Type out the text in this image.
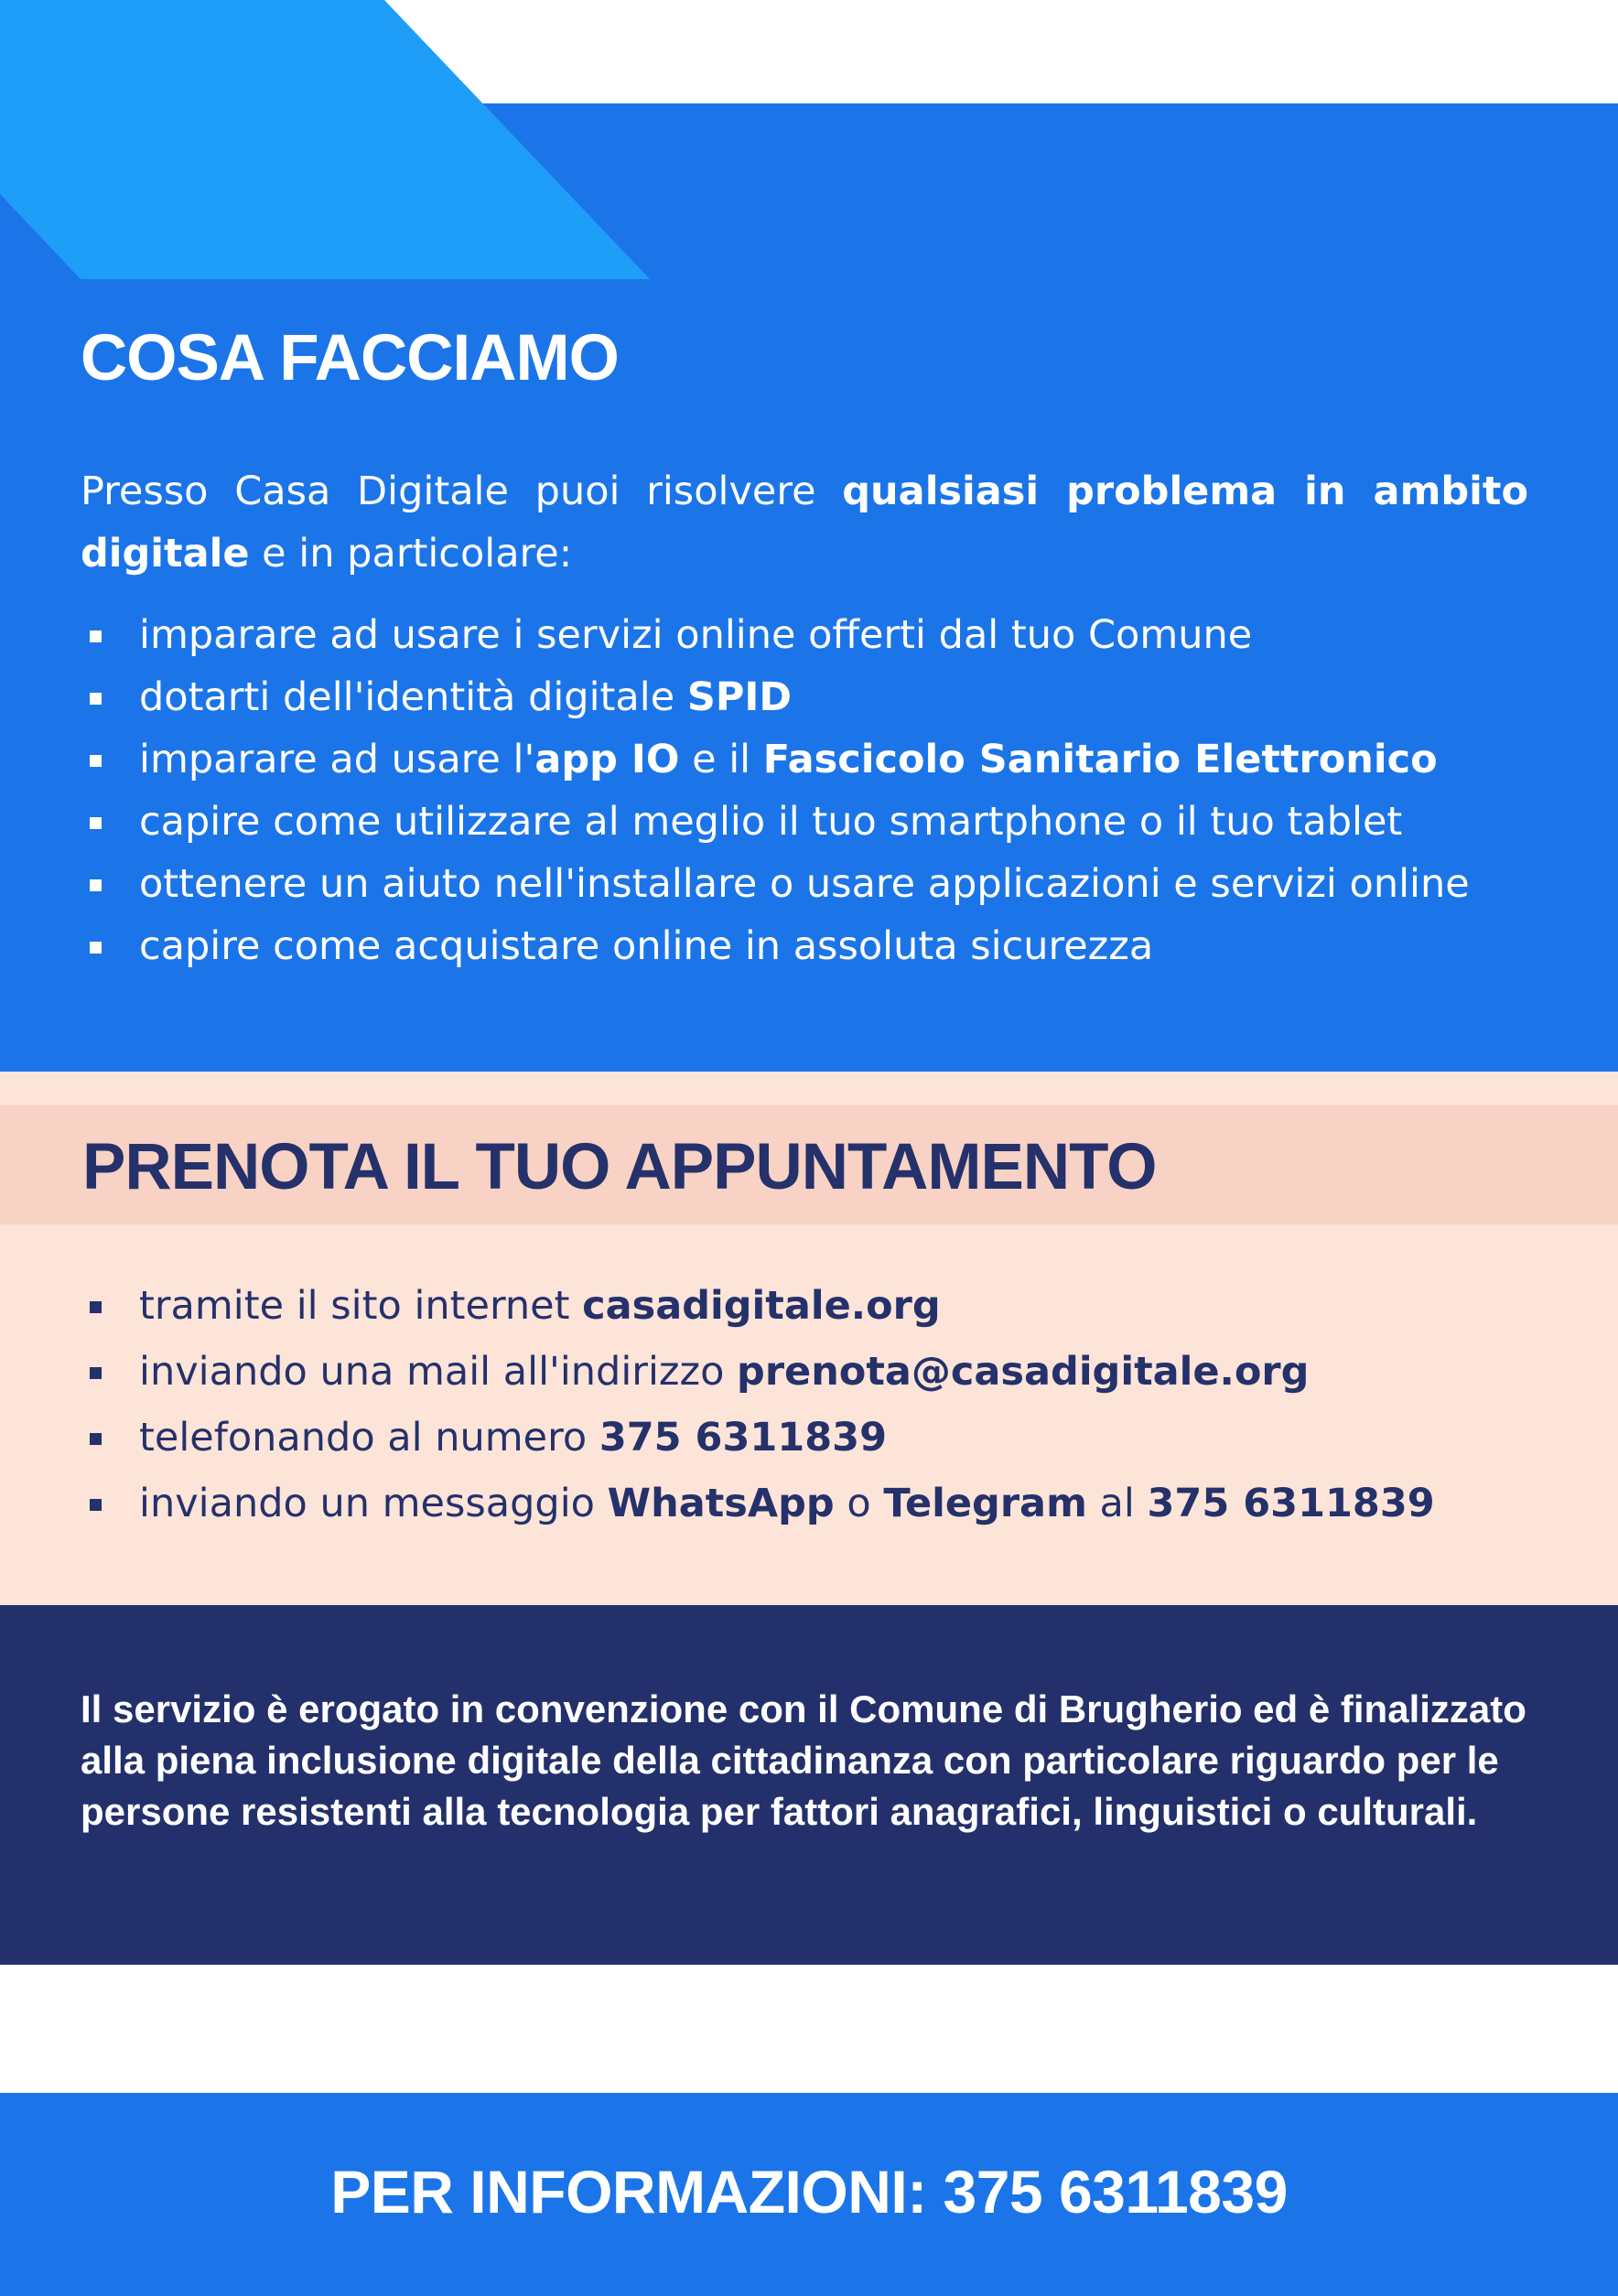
COSA FACCIAMO

Presso Casa Digitale puoi risolvere qualsiasi problema in ambito digitale e in particolare:

imparare ad usare i servizi online offerti dal tuo Comune
dotarti dell'identità digitale SPID
imparare ad usare l'app IO e il Fascicolo Sanitario Elettronico
capire come utilizzare al meglio il tuo smartphone o il tuo tablet
ottenere un aiuto nell'installare o usare applicazioni e servizi online
capire come acquistare online in assoluta sicurezza
PRENOTA IL TUO APPUNTAMENTO
tramite il sito internet casadigitale.org
inviando una mail all'indirizzo prenota@casadigitale.org
telefonando al numero 375 6311839
inviando un messaggio WhatsApp o Telegram al 375 6311839

Il servizio è erogato in convenzione con il Comune di Brugherio ed è finalizzato alla piena inclusione digitale della cittadinanza con particolare riguardo per le persone resistenti alla tecnologia per fattori anagrafici, linguistici o culturali.

PER INFORMAZIONI: 375 6311839
